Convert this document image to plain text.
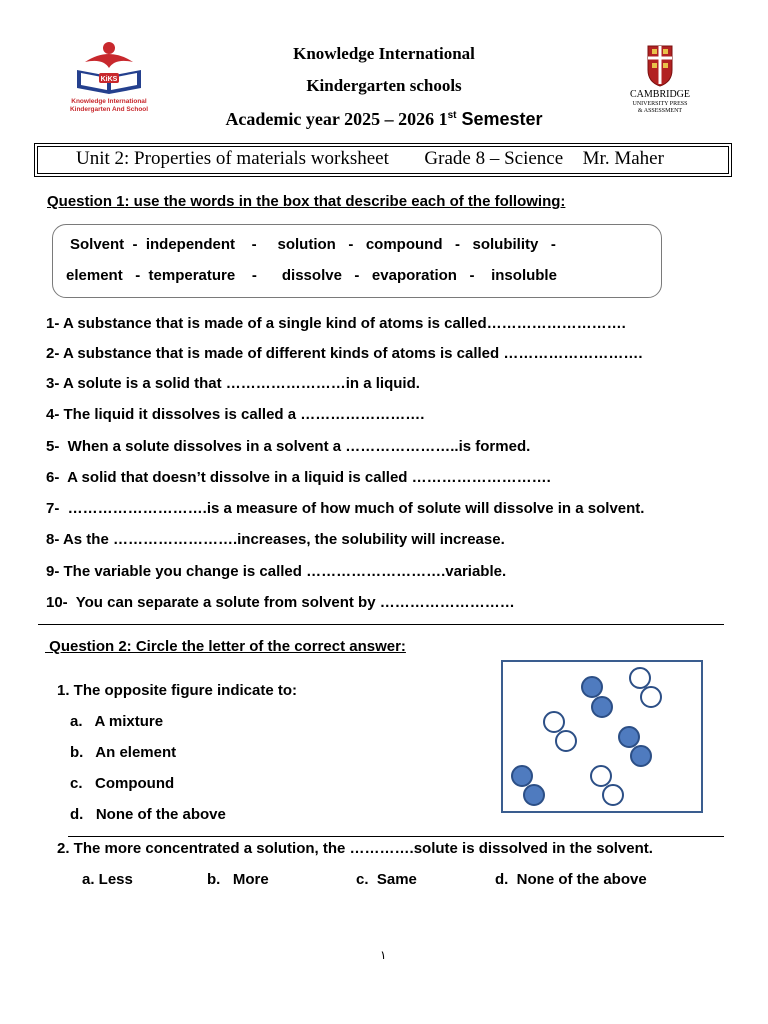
KiKS
Knowledge International
Kindergarten And School
Knowledge International
Kindergarten schools
Academic year 2025 – 2026 1st Semester
CAMBRIDGE
UNIVERSITY PRESS
& ASSESSMENT
Unit 2: Properties of materials worksheet Grade 8 – Science Mr. Maher
Question 1: use the words in the box that describe each of the following:
Solvent  -  independent    -     solution   -   compound   -   solubility   -
element   -  temperature    -      dissolve   -   evaporation   -    insoluble
1- A substance that is made of a single kind of atoms is called……………………….
2- A substance that is made of different kinds of atoms is called ……………………….
3- A solute is a solid that ……………………in a liquid.
4- The liquid it dissolves is called a …………………….
5-  When a solute dissolves in a solvent a …………………..is formed.
6-  A solid that doesn’t dissolve in a liquid is called ……………………….
7-  ……………………….is a measure of how much of solute will dissolve in a solvent.
8- As the …………………….increases, the solubility will increase.
9- The variable you change is called ……………………….variable.
10-  You can separate a solute from solvent by ………………………
Question 2: Circle the letter of the correct answer:
1. The opposite figure indicate to:
a.   A mixture
b.   An element
c.   Compound
d.   None of the above
2. The more concentrated a solution, the ………….solute is dissolved in the solvent.
a. Less	b.   More	c.  Same	d.  None of the above
١
